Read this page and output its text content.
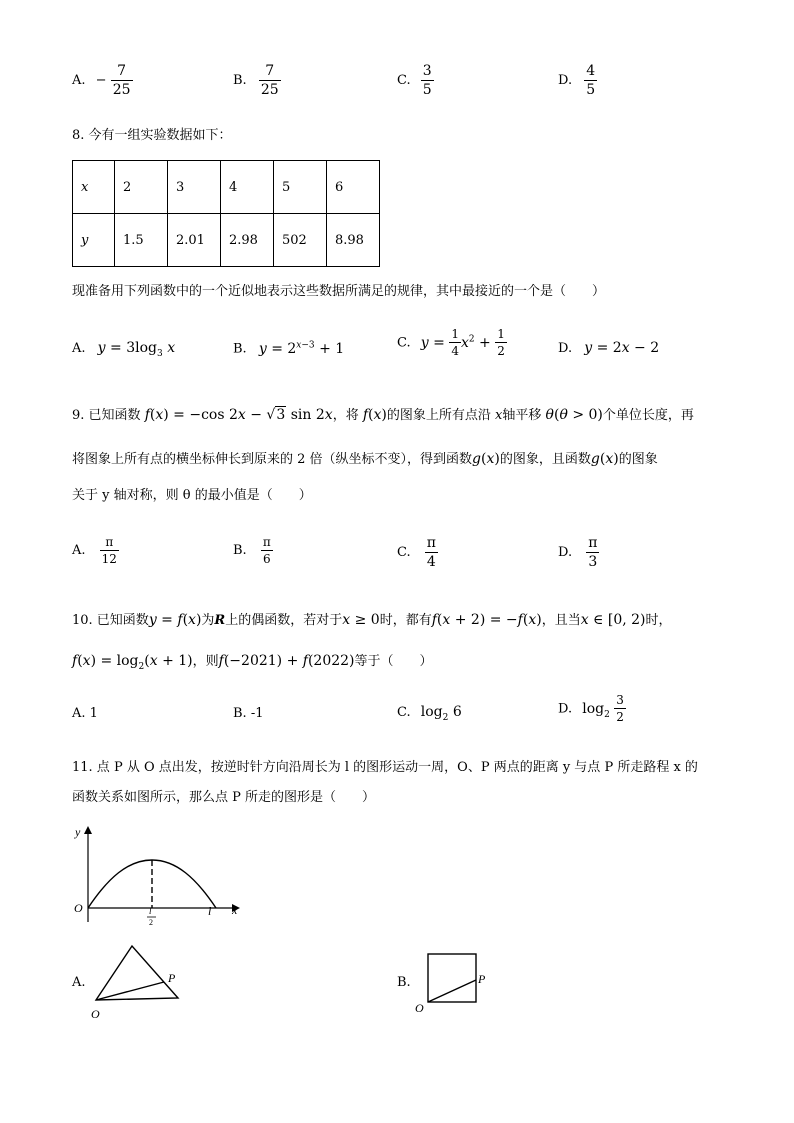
A. − $\frac{7}{25}$	B. $\frac{7}{25}$	C. $\frac{3}{5}$	D. $\frac{4}{5}$
8. 今有一组实验数据如下：
x	2	3	4	5	6
y	1.5	2.01	2.98	502	8.98
现准备用下列函数中的一个近似地表示这些数据所满足的规律，其中最接近的一个是（　　）
A. $y = 3\log_3$ x	B. $y = 2^{x-3} + 1$	C. $y = \frac{1}{4} x^2 + \frac{1}{2}$	D. y = 2x − 2
9. 已知函数 f(x) = −cos 2x − √3 sin 2x，将 f(x)的图象上所有点沿 x轴平移 θ(θ > 0)个单位长度，再
将图象上所有点的横坐标伸长到原来的 2 倍（纵坐标不变），得到函数g(x)的图象，且函数g(x)的图象
关于 y 轴对称，则 θ 的最小值是（　　）
A. $\frac{\pi}{12}$	B. $\frac{\pi}{6}$	C. $\frac{\pi}{4}$	D. $\frac{\pi}{3}$
10. 已知函数y = f(x)为R上的偶函数，若对于x ≥ 0时，都有f(x + 2) = −f(x)，且当x ∈ [0, 2)时，
$f(x) = \log_2(x + 1)$，则f(−2021) + f(2022)等于（　　）
A. 1	B. -1	C. $\log_2 6$	D. $\log_2 \frac{3}{2}$
11. 点 P 从 O 点出发，按逆时针方向沿周长为 l 的图形运动一周，O、P 两点的距离 y 与点 P 所走路程 x 的
函数关系如图所示，那么点 P 所走的图形是（　　）
y
x
O	l
2
l
A.	P
O
B.	P
O
